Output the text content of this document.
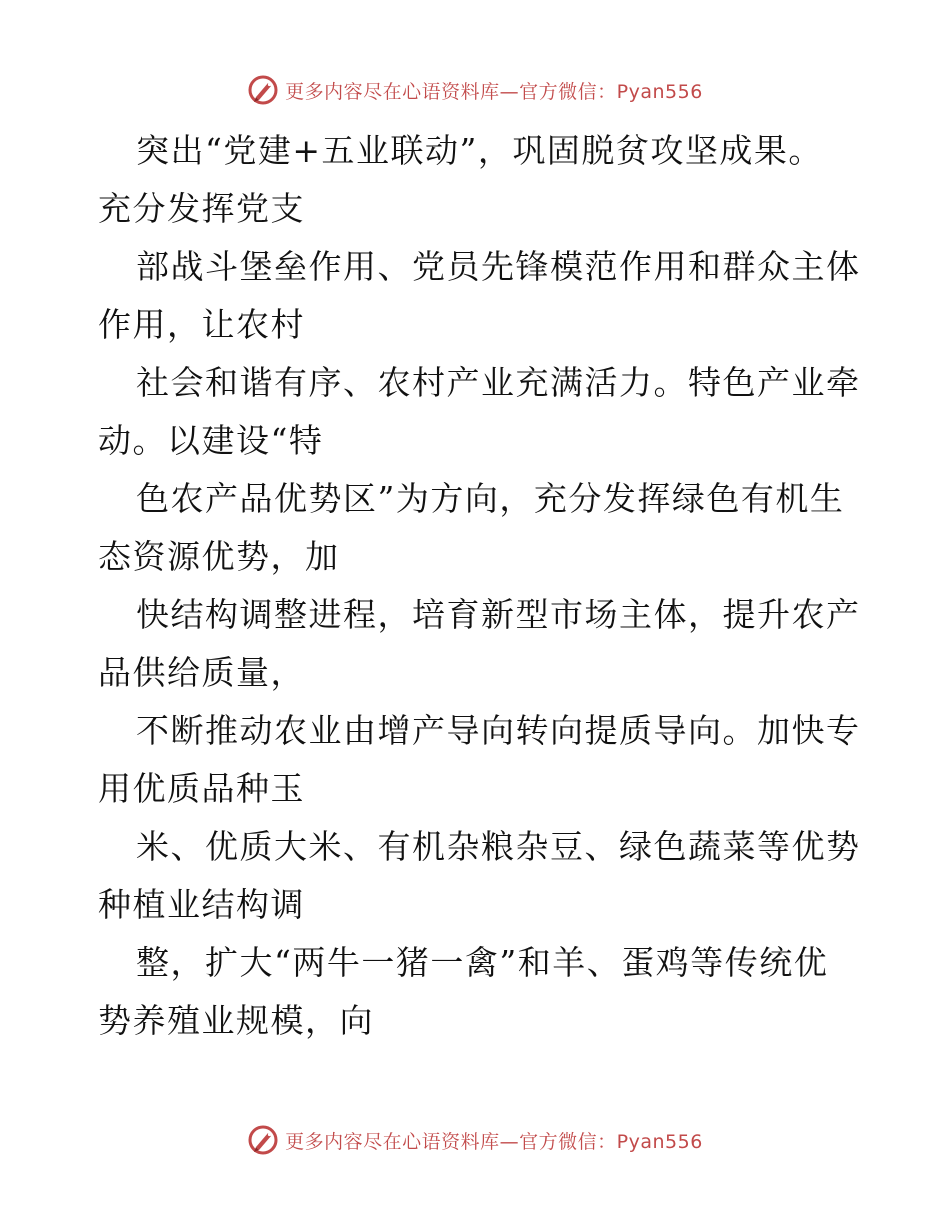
更多内容尽在心语资料库—官方微信：Pyan556
突出“党建+五业联动”，巩固脱贫攻坚成果。
充分发挥党支
部战斗堡垒作用、党员先锋模范作用和群众主体
作用，让农村
社会和谐有序、农村产业充满活力。特色产业牵
动。以建设“特
色农产品优势区”为方向，充分发挥绿色有机生
态资源优势，加
快结构调整进程，培育新型市场主体，提升农产
品供给质量，
不断推动农业由增产导向转向提质导向。加快专
用优质品种玉
米、优质大米、有机杂粮杂豆、绿色蔬菜等优势
种植业结构调
整，扩大“两牛一猪一禽”和羊、蛋鸡等传统优
势养殖业规模，向
更多内容尽在心语资料库—官方微信：Pyan556
